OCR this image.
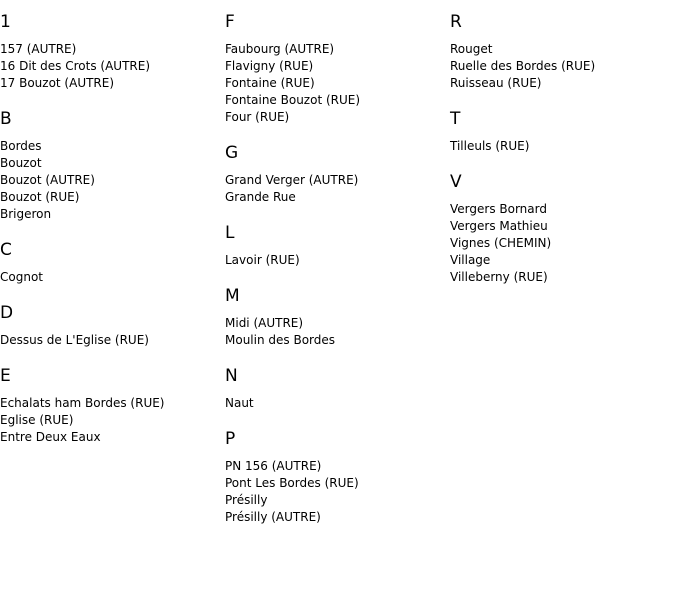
1
157 (AUTRE)
16 Dit des Crots (AUTRE)
17 Bouzot (AUTRE)
B
Bordes
Bouzot
Bouzot (AUTRE)
Bouzot (RUE)
Brigeron
C
Cognot
D
Dessus de L'Eglise (RUE)
E
Echalats ham Bordes (RUE)
Eglise (RUE)
Entre Deux Eaux
F
Faubourg (AUTRE)
Flavigny (RUE)
Fontaine (RUE)
Fontaine Bouzot (RUE)
Four (RUE)
G
Grand Verger (AUTRE)
Grande Rue
L
Lavoir (RUE)
M
Midi (AUTRE)
Moulin des Bordes
N
Naut
P
PN 156 (AUTRE)
Pont Les Bordes (RUE)
Présilly
Présilly (AUTRE)
R
Rouget
Ruelle des Bordes (RUE)
Ruisseau (RUE)
T
Tilleuls (RUE)
V
Vergers Bornard
Vergers Mathieu
Vignes (CHEMIN)
Village
Villeberny (RUE)
